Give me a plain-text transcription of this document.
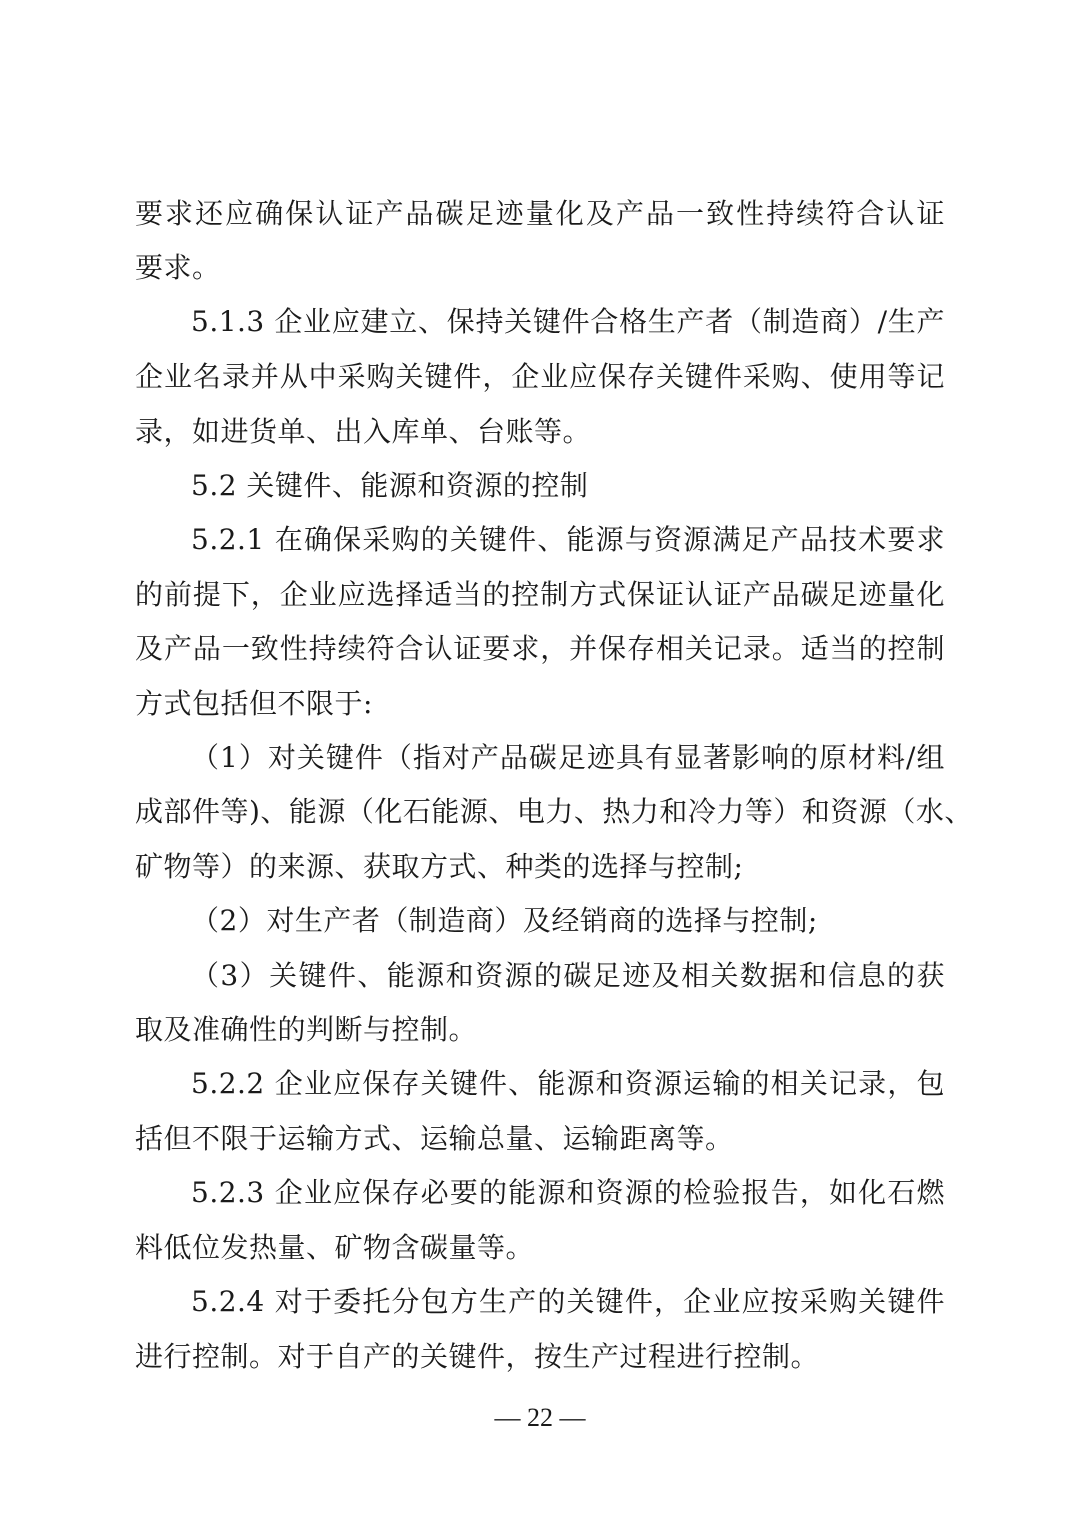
要求还应确保认证产品碳足迹量化及产品一致性持续符合认证
要求。
5.1.3 企业应建立、保持关键件合格生产者（制造商）/生产
企业名录并从中采购关键件，企业应保存关键件采购、使用等记
录，如进货单、出入库单、台账等。
5.2 关键件、能源和资源的控制
5.2.1 在确保采购的关键件、能源与资源满足产品技术要求
的前提下，企业应选择适当的控制方式保证认证产品碳足迹量化
及产品一致性持续符合认证要求，并保存相关记录。适当的控制
方式包括但不限于:
（1）对关键件（指对产品碳足迹具有显著影响的原材料/组
成部件等)、能源（化石能源、电力、热力和冷力等）和资源（水、
矿物等）的来源、获取方式、种类的选择与控制;
（2）对生产者（制造商）及经销商的选择与控制;
（3）关键件、能源和资源的碳足迹及相关数据和信息的获
取及准确性的判断与控制。
5.2.2 企业应保存关键件、能源和资源运输的相关记录，包
括但不限于运输方式、运输总量、运输距离等。
5.2.3 企业应保存必要的能源和资源的检验报告，如化石燃
料低位发热量、矿物含碳量等。
5.2.4 对于委托分包方生产的关键件，企业应按采购关键件
进行控制。对于自产的关键件，按生产过程进行控制。
— 22 —
